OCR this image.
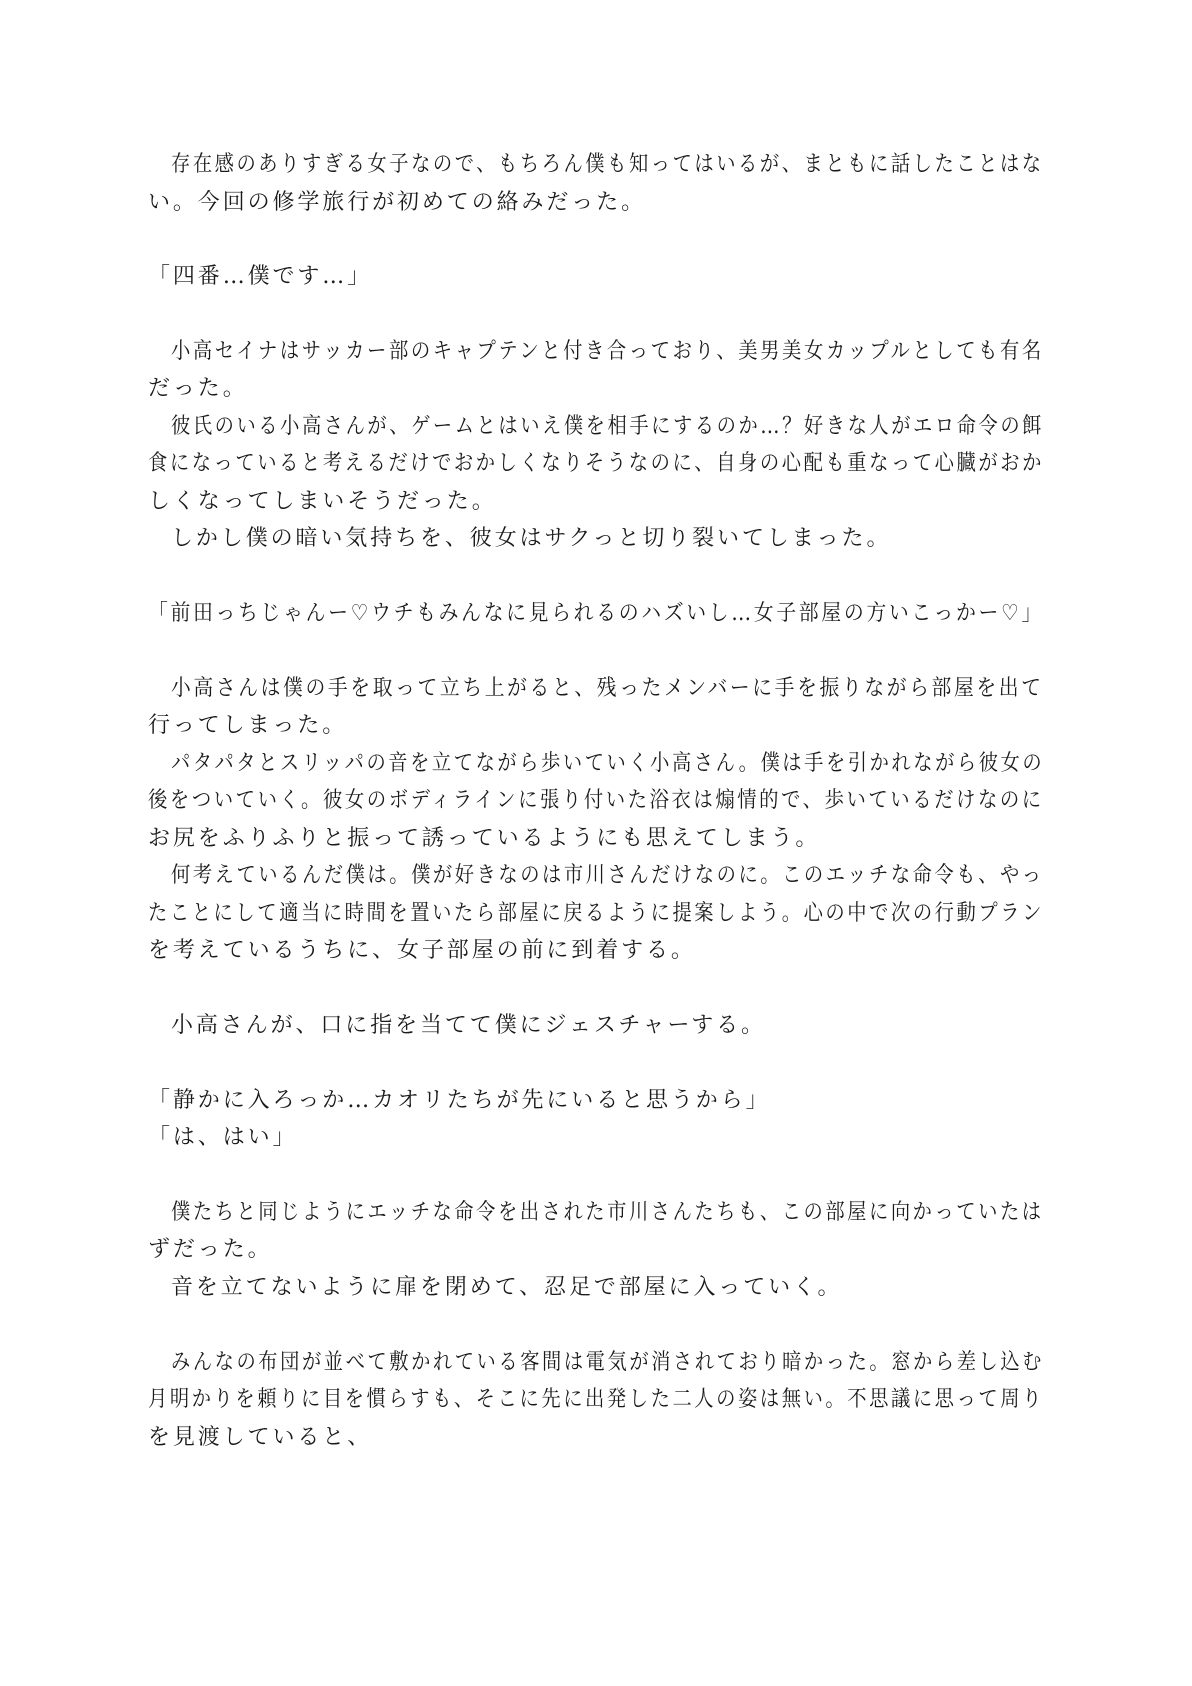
存在感のありすぎる女子なので、もちろん僕も知ってはいるが、まともに話したことはな

い。今回の修学旅行が初めての絡みだった。

「四番…僕です…」

小高セイナはサッカー部のキャプテンと付き合っており、美男美女カップルとしても有名

だった。

彼氏のいる小高さんが、ゲームとはいえ僕を相手にするのか…？好きな人がエロ命令の餌

食になっていると考えるだけでおかしくなりそうなのに、自身の心配も重なって心臓がおか

しくなってしまいそうだった。

しかし僕の暗い気持ちを、彼女はサクっと切り裂いてしまった。

「前田っちじゃんー♡ウチもみんなに見られるのハズいし…女子部屋の方いこっかー♡」

小高さんは僕の手を取って立ち上がると、残ったメンバーに手を振りながら部屋を出て

行ってしまった。

パタパタとスリッパの音を立てながら歩いていく小高さん。僕は手を引かれながら彼女の

後をついていく。彼女のボディラインに張り付いた浴衣は煽情的で、歩いているだけなのに

お尻をふりふりと振って誘っているようにも思えてしまう。

何考えているんだ僕は。僕が好きなのは市川さんだけなのに。このエッチな命令も、やっ

たことにして適当に時間を置いたら部屋に戻るように提案しよう。心の中で次の行動プラン

を考えているうちに、女子部屋の前に到着する。

小高さんが、口に指を当てて僕にジェスチャーする。

「静かに入ろっか…カオリたちが先にいると思うから」

「は、はい」

僕たちと同じようにエッチな命令を出された市川さんたちも、この部屋に向かっていたは

ずだった。

音を立てないように扉を閉めて、忍足で部屋に入っていく。

みんなの布団が並べて敷かれている客間は電気が消されており暗かった。窓から差し込む

月明かりを頼りに目を慣らすも、そこに先に出発した二人の姿は無い。不思議に思って周り

を見渡していると、
